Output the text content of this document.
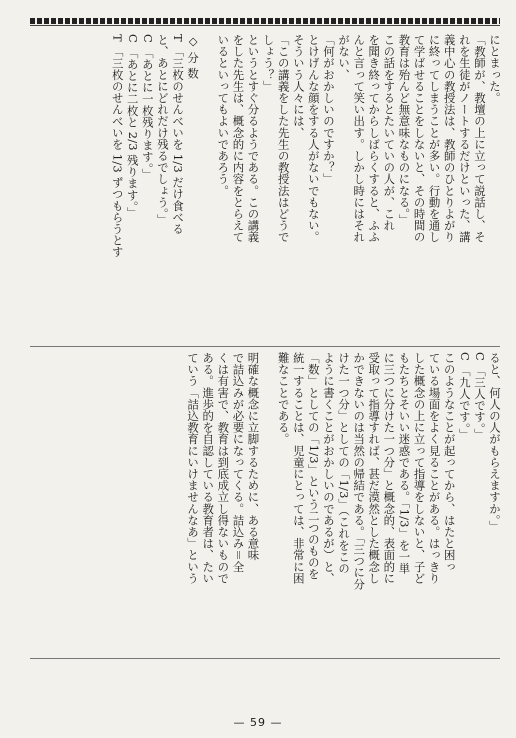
にとまった。
「教師が、教壇の上に立って説話し、そ
れを生徒がノートするだけといった、講
義中心の教授法は、教師のひとりよがり
に終ってしまうことが多い。行動を通し
て学ばせることをしないと、その時間の
教育は殆んど無意味なものになる。」
この話をするとたいていの人が、これ
を聞き終ってからしばらくすると、ふふ
んと言って笑い出す。しかし時にはそれ
がない、
「何がおかしいのですか？」
とけげんな顔をする人がないでもない。
そういう人々には、
「この講義をした先生の教授法はどうで
しょう？」
というとすぐ分るようである。この講義
をした先生は、概念的に内容をとらえて
いるといってもよいであろう。
◇ 分 数
T 「三枚のせんべいを 1/3 だけ食べる
と、あとにどれだけ残るでしょう。」
C 「あとに一枚残ります。」
C 「あとに二枚と 2/3 残ります。」
T 「三枚のせんべいを 1/3 ずつもらうとす
ると、何人の人がもらえますか。」
C 「三人です。」
C 「九人です。」
このようなことが起ってから、はたと困っ
ている場面をよく見ることがある。はっきり
した概念の上に立って指導をしないと、子ど
もたちとそいい迷惑である。「1/3」を一単
に三つに分けた一つ分」と概念的、表面的に
受取って指導すれば、甚だ漠然とした概念し
かできないのは当然の帰結である。「三つに分
けた一つ分」としての「1/3」（これをこの
ように書くことがおかしいのであるが）と、
「数」としての「1/3」という二つのものを
統一することは、児童にとっては、非常に困
難なことである。
明確な概念に立脚するために、ある意味
で詰込みが必要になってくる。詰込み＝全
くは有害で、教育は到底成立し得ないもので
ある。進歩的を自認している教育者は、たい
ていう「詰込教育にいけませんなあ」という
— 59 —
